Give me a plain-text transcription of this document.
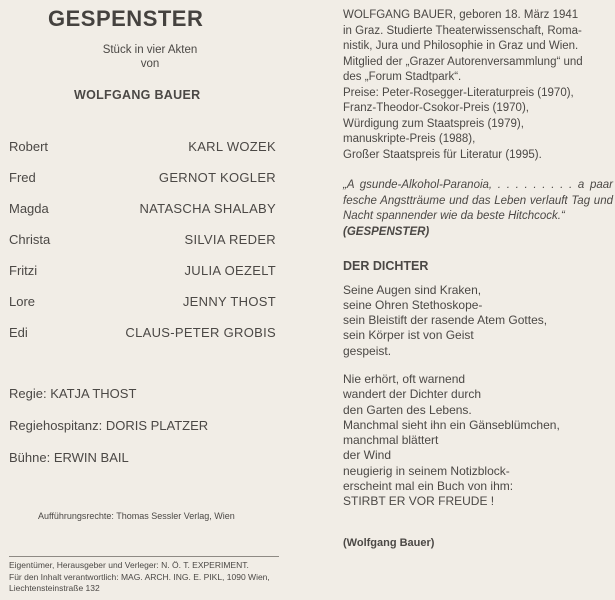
GESPENSTER
Stück in vier Akten
von
WOLFGANG BAUER
Robert	KARL WOZEK
Fred	GERNOT KOGLER
Magda	NATASCHA SHALABY
Christa	SILVIA REDER
Fritzi	JULIA OEZELT
Lore	JENNY THOST
Edi	CLAUS-PETER GROBIS
Regie: KATJA THOST
Regiehospitanz: DORIS PLATZER
Bühne: ERWIN BAIL
Aufführungsrechte: Thomas Sessler Verlag, Wien
Eigentümer, Herausgeber und Verleger: N. Ö. T. EXPERIMENT.
Für den Inhalt verantwortlich: MAG. ARCH. ING. E. PIKL, 1090 Wien,
Liechtensteinstraße 132
WOLFGANG BAUER, geboren 18. März 1941
in Graz. Studierte Theaterwissenschaft, Roma-
nistik, Jura und Philosophie in Graz und Wien.
Mitglied der „Grazer Autorenversammlung“ und
des „Forum Stadtpark“.
Preise: Peter-Rosegger-Literaturpreis (1970),
Franz-Theodor-Csokor-Preis (1970),
Würdigung zum Staatspreis (1979),
manuskripte-Preis (1988),
Großer Staatspreis für Literatur (1995).
„A gsunde-Alkohol-Paranoia, . . . . . . . . . a paar fesche Angstträume und das Leben verlauft Tag und Nacht spannender wie da beste Hitchcock.“
(GESPENSTER)
DER DICHTER
Seine Augen sind Kraken,
seine Ohren Stethoskope-
sein Bleistift der rasende Atem Gottes,
sein Körper ist von Geist
gespeist.
Nie erhört, oft warnend
wandert der Dichter durch
den Garten des Lebens.
Manchmal sieht ihn ein Gänseblümchen,
manchmal blättert
der Wind
neugierig in seinem Notizblock-
erscheint mal ein Buch von ihm:
STIRBT ER VOR FREUDE !
(Wolfgang Bauer)
